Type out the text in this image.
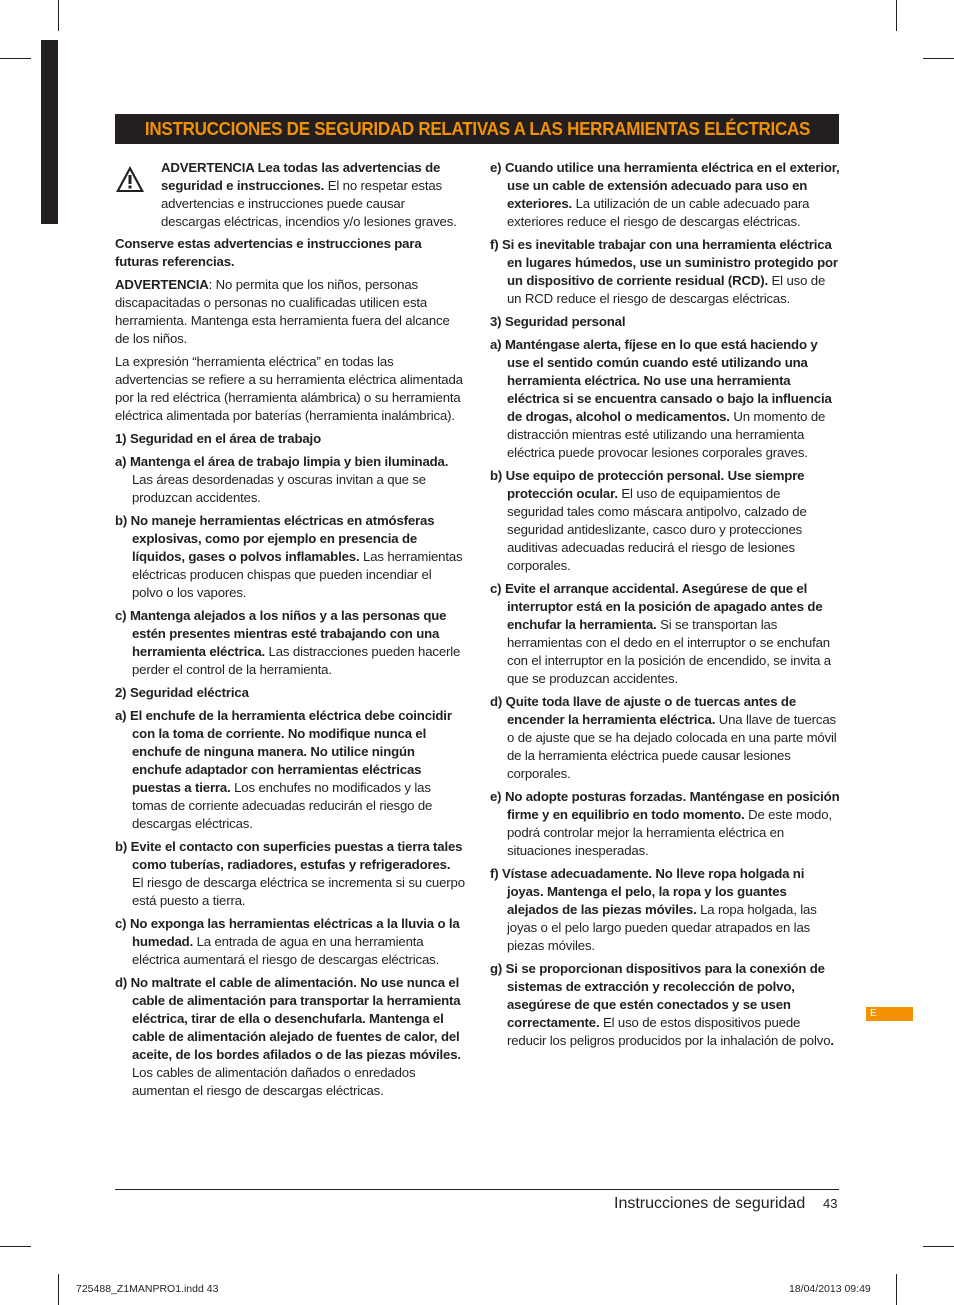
INSTRUCCIONES DE SEGURIDAD RELATIVAS A LAS HERRAMIENTAS ELÉCTRICAS
ADVERTENCIA Lea todas las advertencias de seguridad e instrucciones. El no respetar estas advertencias e instrucciones puede causar descargas eléctricas, incendios y/o lesiones graves.

Conserve estas advertencias e instrucciones para futuras referencias.

ADVERTENCIA: No permita que los niños, personas discapacitadas o personas no cualificadas utilicen esta herramienta. Mantenga esta herramienta fuera del alcance de los niños.

La expresión “herramienta eléctrica” en todas las advertencias se refiere a su herramienta eléctrica alimentada por la red eléctrica (herramienta alámbrica) o su herramienta eléctrica alimentada por baterías (herramienta inalámbrica).

1) Seguridad en el área de trabajo

a) Mantenga el área de trabajo limpia y bien iluminada. Las áreas desordenadas y oscuras invitan a que se produzcan accidentes.

b) No maneje herramientas eléctricas en atmósferas explosivas, como por ejemplo en presencia de líquidos, gases o polvos inflamables. Las herramientas eléctricas producen chispas que pueden incendiar el polvo o los vapores.

c) Mantenga alejados a los niños y a las personas que estén presentes mientras esté trabajando con una herramienta eléctrica. Las distracciones pueden hacerle perder el control de la herramienta.

2) Seguridad eléctrica

a) El enchufe de la herramienta eléctrica debe coincidir con la toma de corriente. No modifique nunca el enchufe de ninguna manera. No utilice ningún enchufe adaptador con herramientas eléctricas puestas a tierra. Los enchufes no modificados y las tomas de corriente adecuadas reducirán el riesgo de descargas eléctricas.

b) Evite el contacto con superficies puestas a tierra tales como tuberías, radiadores, estufas y refrigeradores. El riesgo de descarga eléctrica se incrementa si su cuerpo está puesto a tierra.

c) No exponga las herramientas eléctricas a la lluvia o la humedad. La entrada de agua en una herramienta eléctrica aumentará el riesgo de descargas eléctricas.

d) No maltrate el cable de alimentación. No use nunca el cable de alimentación para transportar la herramienta eléctrica, tirar de ella o desenchufarla. Mantenga el cable de alimentación alejado de fuentes de calor, del aceite, de los bordes afilados o de las piezas móviles. Los cables de alimentación dañados o enredados aumentan el riesgo de descargas eléctricas.

e) Cuando utilice una herramienta eléctrica en el exterior, use un cable de extensión adecuado para uso en exteriores. La utilización de un cable adecuado para exteriores reduce el riesgo de descargas eléctricas.

f) Si es inevitable trabajar con una herramienta eléctrica en lugares húmedos, use un suministro protegido por un dispositivo de corriente residual (RCD). El uso de un RCD reduce el riesgo de descargas eléctricas.

3) Seguridad personal

a) Manténgase alerta, fíjese en lo que está haciendo y use el sentido común cuando esté utilizando una herramienta eléctrica. No use una herramienta eléctrica si se encuentra cansado o bajo la influencia de drogas, alcohol o medicamentos. Un momento de distracción mientras esté utilizando una herramienta eléctrica puede provocar lesiones corporales graves.

b) Use equipo de protección personal. Use siempre protección ocular. El uso de equipamientos de seguridad tales como máscara antipolvo, calzado de seguridad antideslizante, casco duro y protecciones auditivas adecuadas reducirá el riesgo de lesiones corporales.

c) Evite el arranque accidental. Asegúrese de que el interruptor está en la posición de apagado antes de enchufar la herramienta. Si se transportan las herramientas con el dedo en el interruptor o se enchufan con el interruptor en la posición de encendido, se invita a que se produzcan accidentes.

d) Quite toda llave de ajuste o de tuercas antes de encender la herramienta eléctrica. Una llave de tuercas o de ajuste que se ha dejado colocada en una parte móvil de la herramienta eléctrica puede causar lesiones corporales.

e) No adopte posturas forzadas. Manténgase en posición firme y en equilibrio en todo momento. De este modo, podrá controlar mejor la herramienta eléctrica en situaciones inesperadas.

f) Vístase adecuadamente. No lleve ropa holgada ni joyas. Mantenga el pelo, la ropa y los guantes alejados de las piezas móviles. La ropa holgada, las joyas o el pelo largo pueden quedar atrapados en las piezas móviles.

g) Si se proporcionan dispositivos para la conexión de sistemas de extracción y recolección de polvo, asegúrese de que estén conectados y se usen correctamente. El uso de estos dispositivos puede reducir los peligros producidos por la inhalación de polvo.

E
Instrucciones de seguridad 43
725488_Z1MANPRO1.indd 43	18/04/2013 09:49
